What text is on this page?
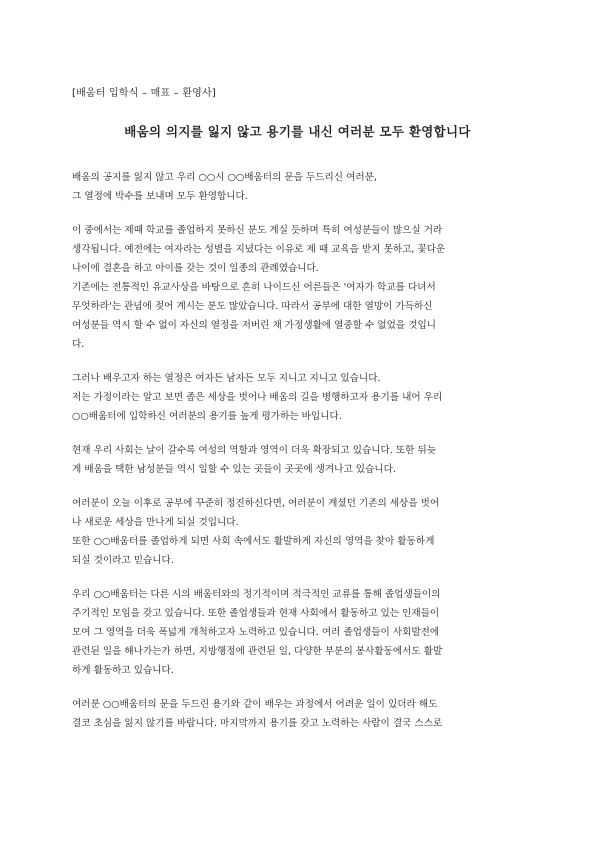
[배움터 입학식 – 매표 – 환영사]
배움의 의지를 잃지 않고 용기를 내신 여러분 모두 환영합니다
배움의 공지를 잃지 않고 우리 ○○시 ○○배움터의 문을 두드리신 여러분,
그 열정에 박수를 보내며 모두 환영합니다.
이 중에서는 제때 학교를 졸업하지 못하신 분도 계실 듯하며 특히 여성분들이 많으실 거라
생각됩니다. 예전에는 여자라는 성별을 지녔다는 이유로 제 때 교육을 받지 못하고, 꽃다운
나이에 결혼을 하고 아이를 갖는 것이 일종의 관례였습니다.
기존에는 전통적인 유교사상을 바탕으로 흔히 나이드신 어른들은 '여자가 학교를 다녀서
무엇하라'는 관념에 젖어 계시는 분도 많았습니다. 따라서 공부에 대한 열망이 가득하신
여성분들 역시 할 수 없이 자신의 열정을 저버린 채 가정생활에 열중할 수 없었을 것입니
다.
그러나 배우고자 하는 열정은 여자든 남자든 모두 지니고 지니고 있습니다.
저는 가정이라는 알고 보면 좁은 세상을 벗어나 배움의 길을 병행하고자 용기를 내어 우리
○○배움터에 입학하신 여러분의 용기를 높게 평가하는 바입니다.
현재 우리 사회는 날이 갈수록 여성의 역할과 영역이 더욱 확장되고 있습니다. 또한 뒤늦
게 배움을 택한 남성분들 역시 일할 수 있는 곳들이 곳곳에 생겨나고 있습니다.
여러분이 오늘 이후로 공부에 꾸준히 정진하신다면, 여러분이 계셨던 기존의 세상을 벗어
나 새로운 세상을 만나게 되실 것입니다.
또한 ○○배움터를 졸업하게 되면 사회 속에서도 활발하게 자신의 영역을 찾아 활동하게
되실 것이라고 믿습니다.
우리 ○○배움터는 다른 시의 배움터와의 정기적이며 적극적인 교류를 통해 졸업생들이의
주기적인 모임을 갖고 있습니다. 또한 졸업생들과 현재 사회에서 활동하고 있는 인재들이
모여 그 영역을 더욱 폭넓게 개척하고자 노력하고 있습니다. 여러 졸업생들이 사회발전에
관련된 일을 해나가는가 하면, 지방행정에 관련된 일, 다양한 부분의 봉사활동에서도 활발
하게 활동하고 있습니다.
여러분 ○○배움터의 문을 두드린 용기와 같이 배우는 과정에서 어려운 일이 있더라 해도
결코 초심을 잃지 않기를 바랍니다. 마지막까지 용기를 갖고 노력하는 사람이 결국 스스로
